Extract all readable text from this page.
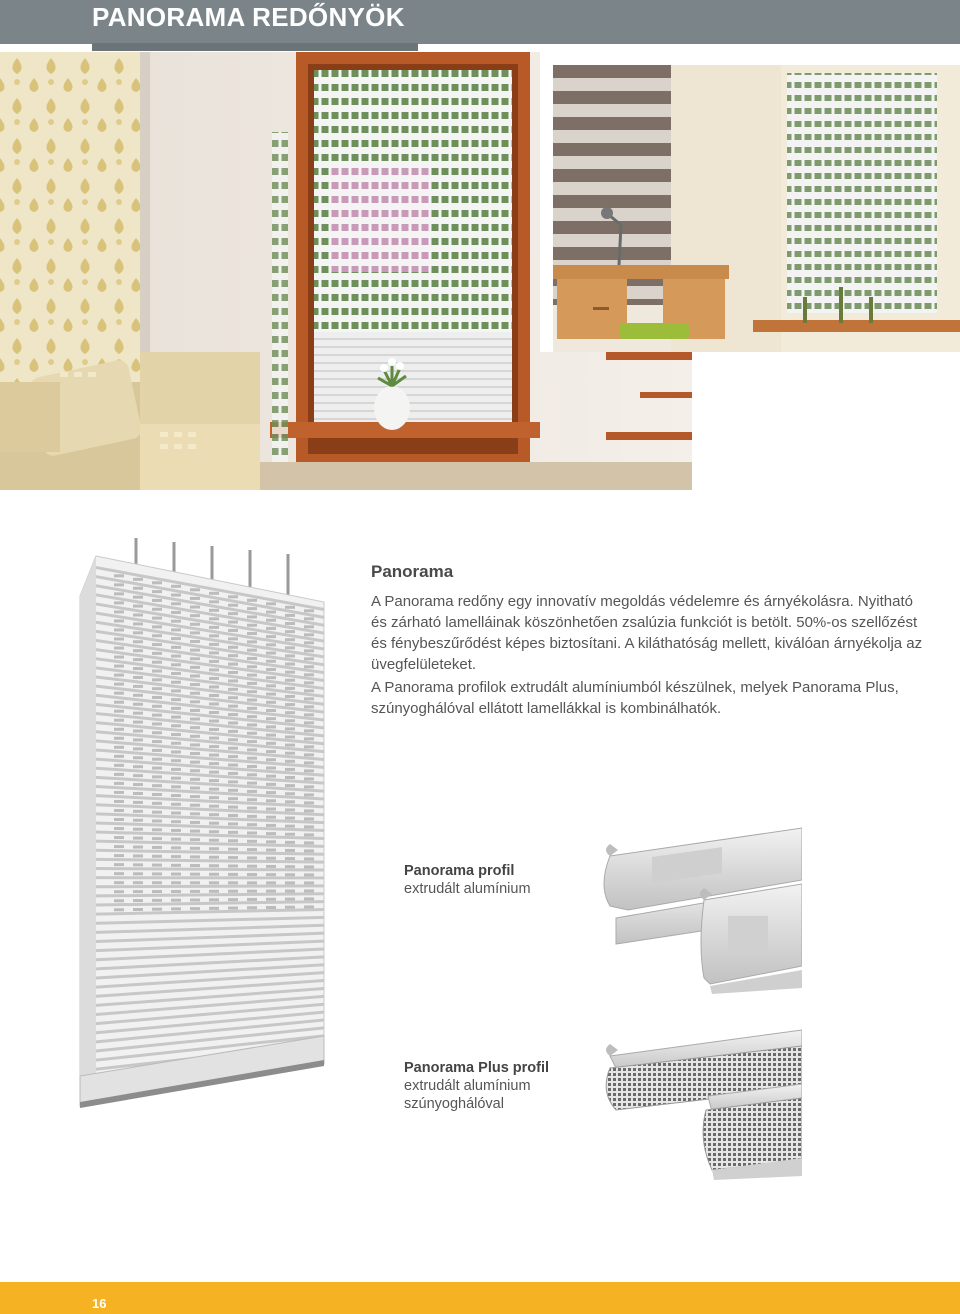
PANORAMA REDŐNYÖK
Panorama

A Panorama redőny egy innovatív megoldás védelemre és árnyékolásra. Nyitható és zárható lamelláinak köszönhetően zsalúzia funkciót is betölt. 50%-os szellőzést és fénybeszűrődést képes biztosítani. A kiláthatóság mellett, kiválóan árnyékolja az üvegfelületeket.

A Panorama profilok extrudált alumíniumból készülnek, melyek Panorama Plus, szúnyoghálóval ellátott lamellákkal is kombinálhatók.

Panorama profil
extrudált alumínium
Panorama Plus profil
extrudált alumínium
szúnyoghálóval
16
